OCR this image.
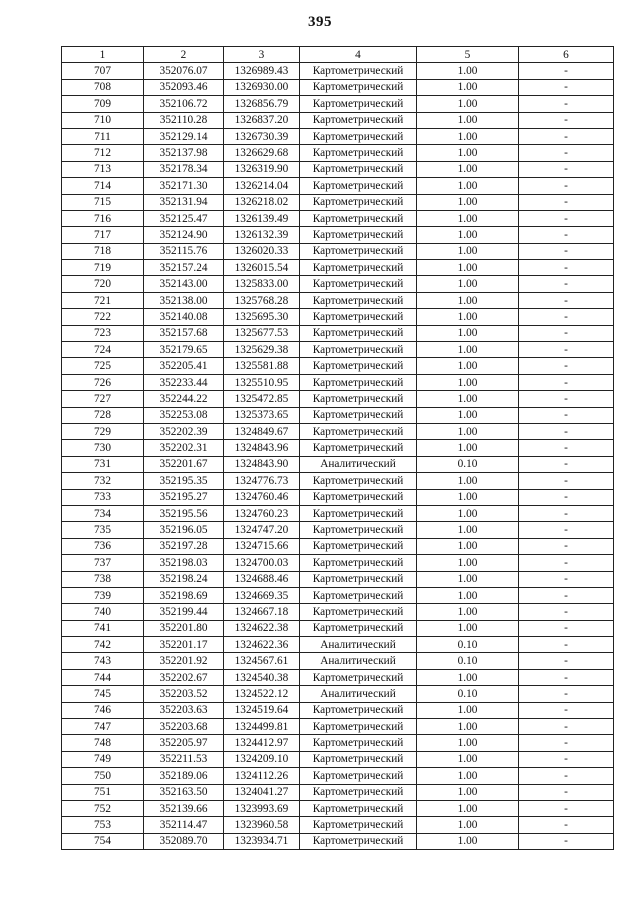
395
1	2	3	4	5	6
707	352076.07	1326989.43	Картометрический	1.00	-
708	352093.46	1326930.00	Картометрический	1.00	-
709	352106.72	1326856.79	Картометрический	1.00	-
710	352110.28	1326837.20	Картометрический	1.00	-
711	352129.14	1326730.39	Картометрический	1.00	-
712	352137.98	1326629.68	Картометрический	1.00	-
713	352178.34	1326319.90	Картометрический	1.00	-
714	352171.30	1326214.04	Картометрический	1.00	-
715	352131.94	1326218.02	Картометрический	1.00	-
716	352125.47	1326139.49	Картометрический	1.00	-
717	352124.90	1326132.39	Картометрический	1.00	-
718	352115.76	1326020.33	Картометрический	1.00	-
719	352157.24	1326015.54	Картометрический	1.00	-
720	352143.00	1325833.00	Картометрический	1.00	-
721	352138.00	1325768.28	Картометрический	1.00	-
722	352140.08	1325695.30	Картометрический	1.00	-
723	352157.68	1325677.53	Картометрический	1.00	-
724	352179.65	1325629.38	Картометрический	1.00	-
725	352205.41	1325581.88	Картометрический	1.00	-
726	352233.44	1325510.95	Картометрический	1.00	-
727	352244.22	1325472.85	Картометрический	1.00	-
728	352253.08	1325373.65	Картометрический	1.00	-
729	352202.39	1324849.67	Картометрический	1.00	-
730	352202.31	1324843.96	Картометрический	1.00	-
731	352201.67	1324843.90	Аналитический	0.10	-
732	352195.35	1324776.73	Картометрический	1.00	-
733	352195.27	1324760.46	Картометрический	1.00	-
734	352195.56	1324760.23	Картометрический	1.00	-
735	352196.05	1324747.20	Картометрический	1.00	-
736	352197.28	1324715.66	Картометрический	1.00	-
737	352198.03	1324700.03	Картометрический	1.00	-
738	352198.24	1324688.46	Картометрический	1.00	-
739	352198.69	1324669.35	Картометрический	1.00	-
740	352199.44	1324667.18	Картометрический	1.00	-
741	352201.80	1324622.38	Картометрический	1.00	-
742	352201.17	1324622.36	Аналитический	0.10	-
743	352201.92	1324567.61	Аналитический	0.10	-
744	352202.67	1324540.38	Картометрический	1.00	-
745	352203.52	1324522.12	Аналитический	0.10	-
746	352203.63	1324519.64	Картометрический	1.00	-
747	352203.68	1324499.81	Картометрический	1.00	-
748	352205.97	1324412.97	Картометрический	1.00	-
749	352211.53	1324209.10	Картометрический	1.00	-
750	352189.06	1324112.26	Картометрический	1.00	-
751	352163.50	1324041.27	Картометрический	1.00	-
752	352139.66	1323993.69	Картометрический	1.00	-
753	352114.47	1323960.58	Картометрический	1.00	-
754	352089.70	1323934.71	Картометрический	1.00	-
